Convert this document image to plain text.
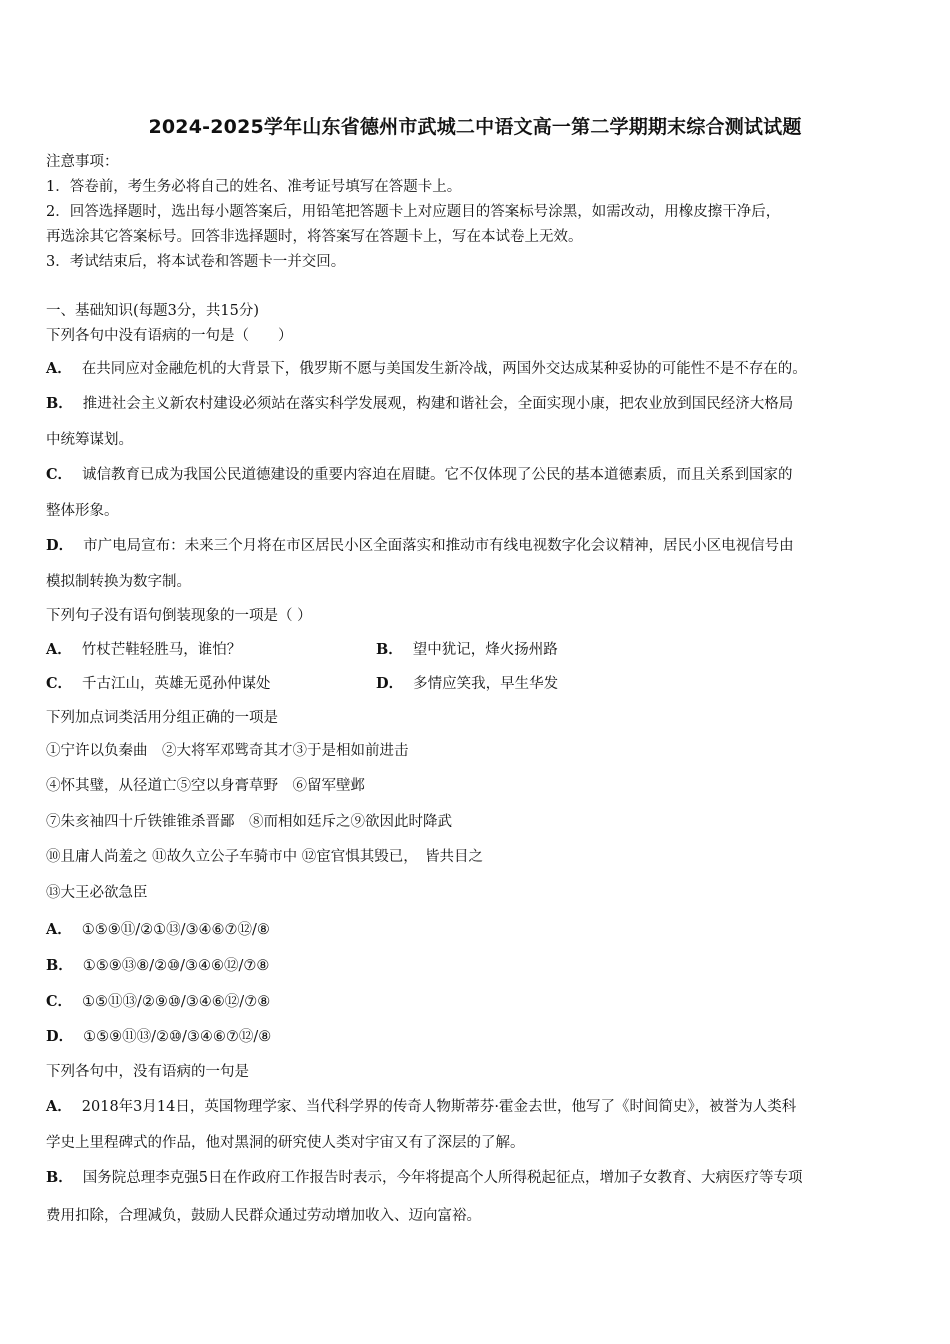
2024-2025学年山东省德州市武城二中语文高一第二学期期末综合测试试题
注意事项：
1．答卷前，考生务必将自己的姓名、准考证号填写在答题卡上。
2．回答选择题时，选出每小题答案后，用铅笔把答题卡上对应题目的答案标号涂黑，如需改动，用橡皮擦干净后，
再选涂其它答案标号。回答非选择题时，将答案写在答题卡上，写在本试卷上无效。
3．考试结束后，将本试卷和答题卡一并交回。
一、基础知识(每题3分，共15分)
下列各句中没有语病的一句是（　　）
A． 在共同应对金融危机的大背景下，俄罗斯不愿与美国发生新冷战，两国外交达成某种妥协的可能性不是不存在的。
B． 推进社会主义新农村建设必须站在落实科学发展观，构建和谐社会，全面实现小康，把农业放到国民经济大格局
中统筹谋划。
C． 诚信教育已成为我国公民道德建设的重要内容迫在眉睫。它不仅体现了公民的基本道德素质，而且关系到国家的
整体形象。
D． 市广电局宣布：未来三个月将在市区居民小区全面落实和推动市有线电视数字化会议精神，居民小区电视信号由
模拟制转换为数字制。
下列句子没有语句倒装现象的一项是（ ）
A． 竹杖芒鞋轻胜马，谁怕？	B． 望中犹记，烽火扬州路
C． 千古江山，英雄无觅孙仲谋处	D． 多情应笑我，早生华发
下列加点词类活用分组正确的一项是
①宁许以负秦曲　②大将军邓骘奇其才③于是相如前进击
④怀其璧，从径道亡⑤空以身膏草野　⑥留军壁邺
⑦朱亥袖四十斤铁锥锥杀晋鄙　⑧而相如廷斥之⑨欲因此时降武
⑩且庸人尚羞之 ⑪故久立公子车骑市中 ⑫宦官惧其毁已，　皆共目之
⑬大王必欲急臣
A． ①⑤⑨⑪/②①⑬/③④⑥⑦⑫/⑧
B． ①⑤⑨⑬⑧/②⑩/③④⑥⑫/⑦⑧
C． ①⑤⑪⑬/②⑨⑩/③④⑥⑫/⑦⑧
D． ①⑤⑨⑪⑬/②⑩/③④⑥⑦⑫/⑧
下列各句中，没有语病的一句是
A． 2018年3月14日，英国物理学家、当代科学界的传奇人物斯蒂芬·霍金去世，他写了《时间简史》，被誉为人类科
学史上里程碑式的作品，他对黑洞的研究使人类对宇宙又有了深层的了解。
B． 国务院总理李克强5日在作政府工作报告时表示，今年将提高个人所得税起征点，增加子女教育、大病医疗等专项
费用扣除，合理减负，鼓励人民群众通过劳动增加收入、迈向富裕。
